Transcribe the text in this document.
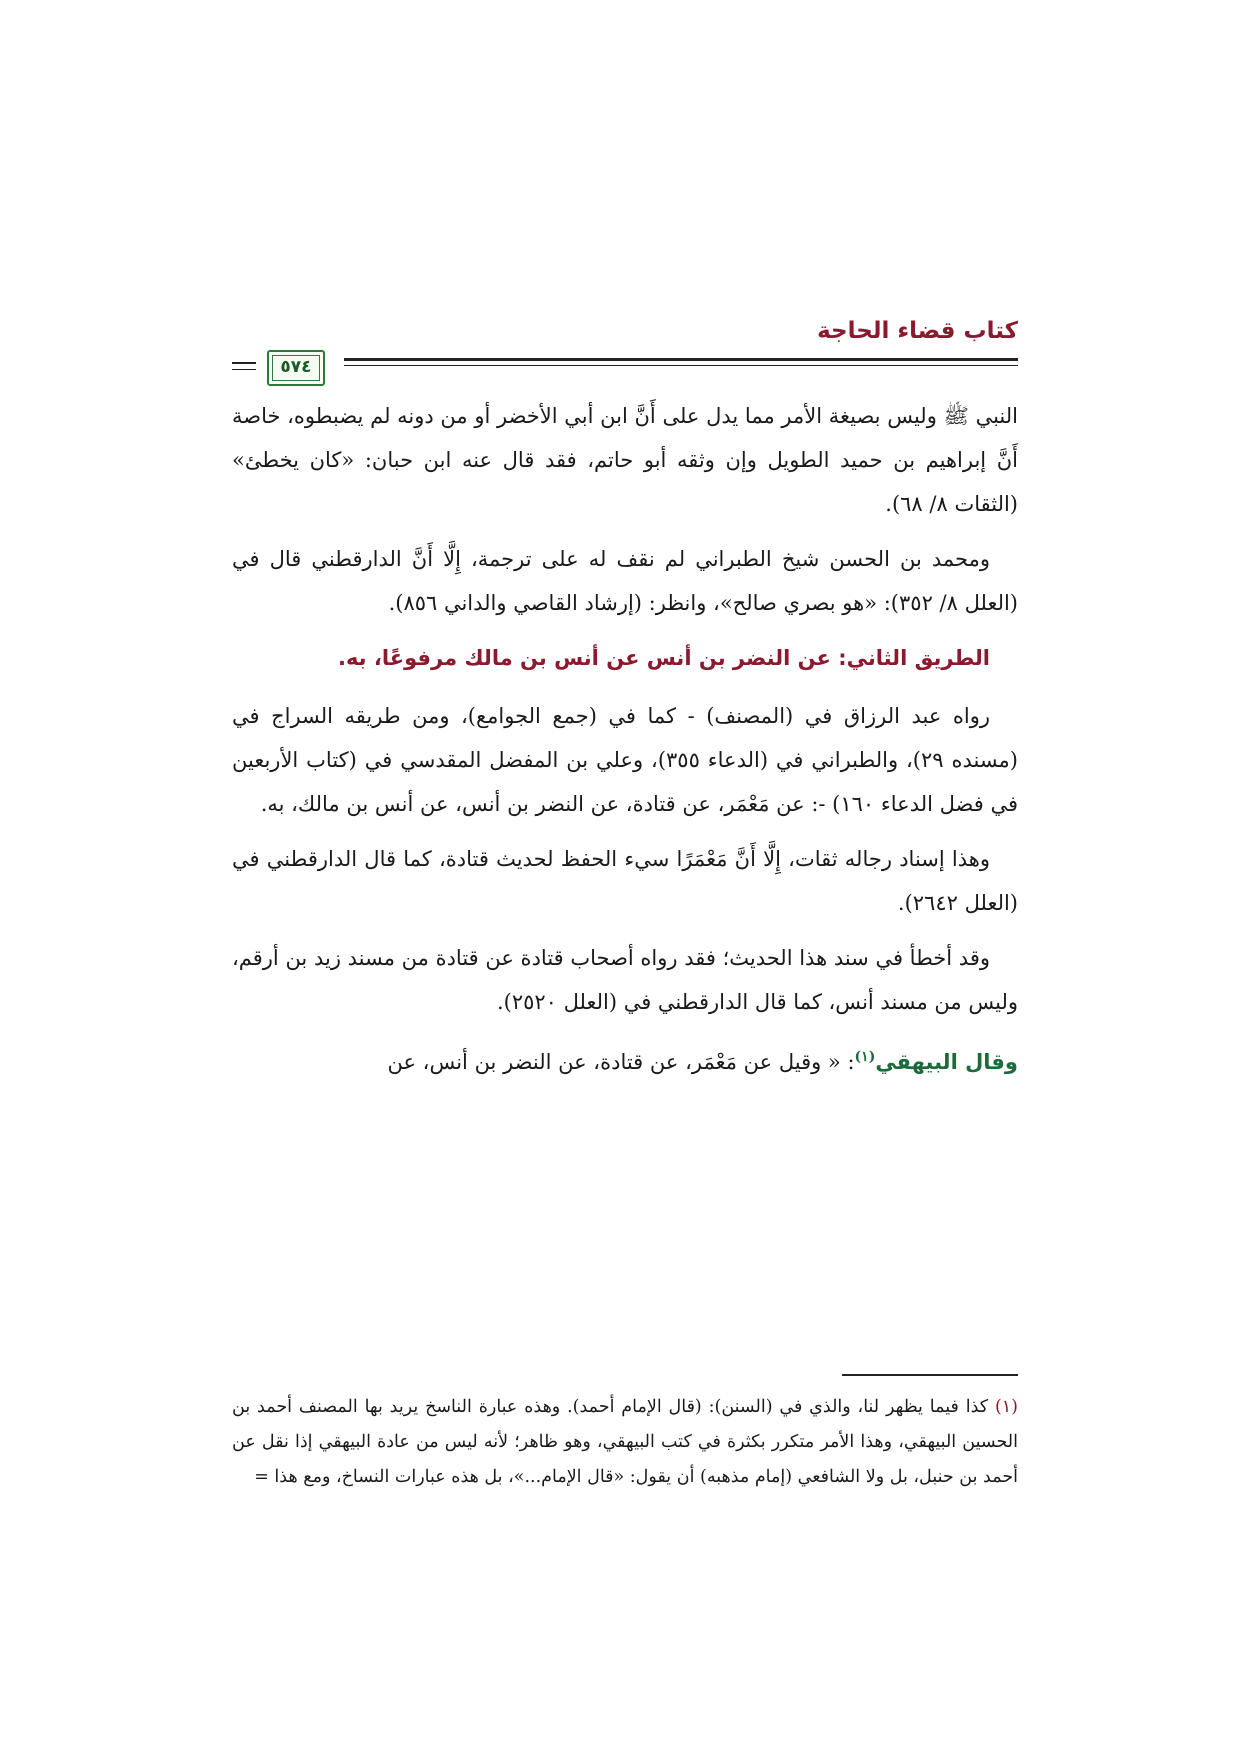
كتاب قضاء الحاجة
٥٧٤

النبي ﷺ وليس بصيغة الأمر مما يدل على أَنَّ ابن أبي الأخضر أو من دونه لم يضبطوه، خاصة أَنَّ إبراهيم بن حميد الطويل وإن وثقه أبو حاتم، فقد قال عنه ابن حبان: «كان يخطئ» (الثقات ٨/ ٦٨).

ومحمد بن الحسن شيخ الطبراني لم نقف له على ترجمة، إِلَّا أَنَّ الدارقطني قال في (العلل ٨/ ٣٥٢): «هو بصري صالح»، وانظر: (إرشاد القاصي والداني ٨٥٦).

الطريق الثاني: عن النضر بن أنس عن أنس بن مالك مرفوعًا، به.

رواه عبد الرزاق في (المصنف) - كما في (جمع الجوامع)، ومن طريقه السراج في (مسنده ٢٩)، والطبراني في (الدعاء ٣٥٥)، وعلي بن المفضل المقدسي في (كتاب الأربعين في فضل الدعاء ١٦٠) -: عن مَعْمَر، عن قتادة، عن النضر بن أنس، عن أنس بن مالك، به.

وهذا إسناد رجاله ثقات، إِلَّا أَنَّ مَعْمَرًا سيء الحفظ لحديث قتادة، كما قال الدارقطني في (العلل ٢٦٤٢).

وقد أخطأ في سند هذا الحديث؛ فقد رواه أصحاب قتادة عن قتادة من مسند زيد بن أرقم، وليس من مسند أنس، كما قال الدارقطني في (العلل ٢٥٢٠).

وقال البيهقي$^{(١)}$: « وقيل عن مَعْمَر، عن قتادة، عن النضر بن أنس، عن

(١) كذا فيما يظهر لنا، والذي في (السنن): (قال الإمام أحمد). وهذه عبارة الناسخ يريد بها المصنف أحمد بن الحسين البيهقي، وهذا الأمر متكرر بكثرة في كتب البيهقي، وهو ظاهر؛ لأنه ليس من عادة البيهقي إذا نقل عن أحمد بن حنبل، بل ولا الشافعي (إمام مذهبه) أن يقول: «قال الإمام...»، بل هذه عبارات النساخ، ومع هذا =
